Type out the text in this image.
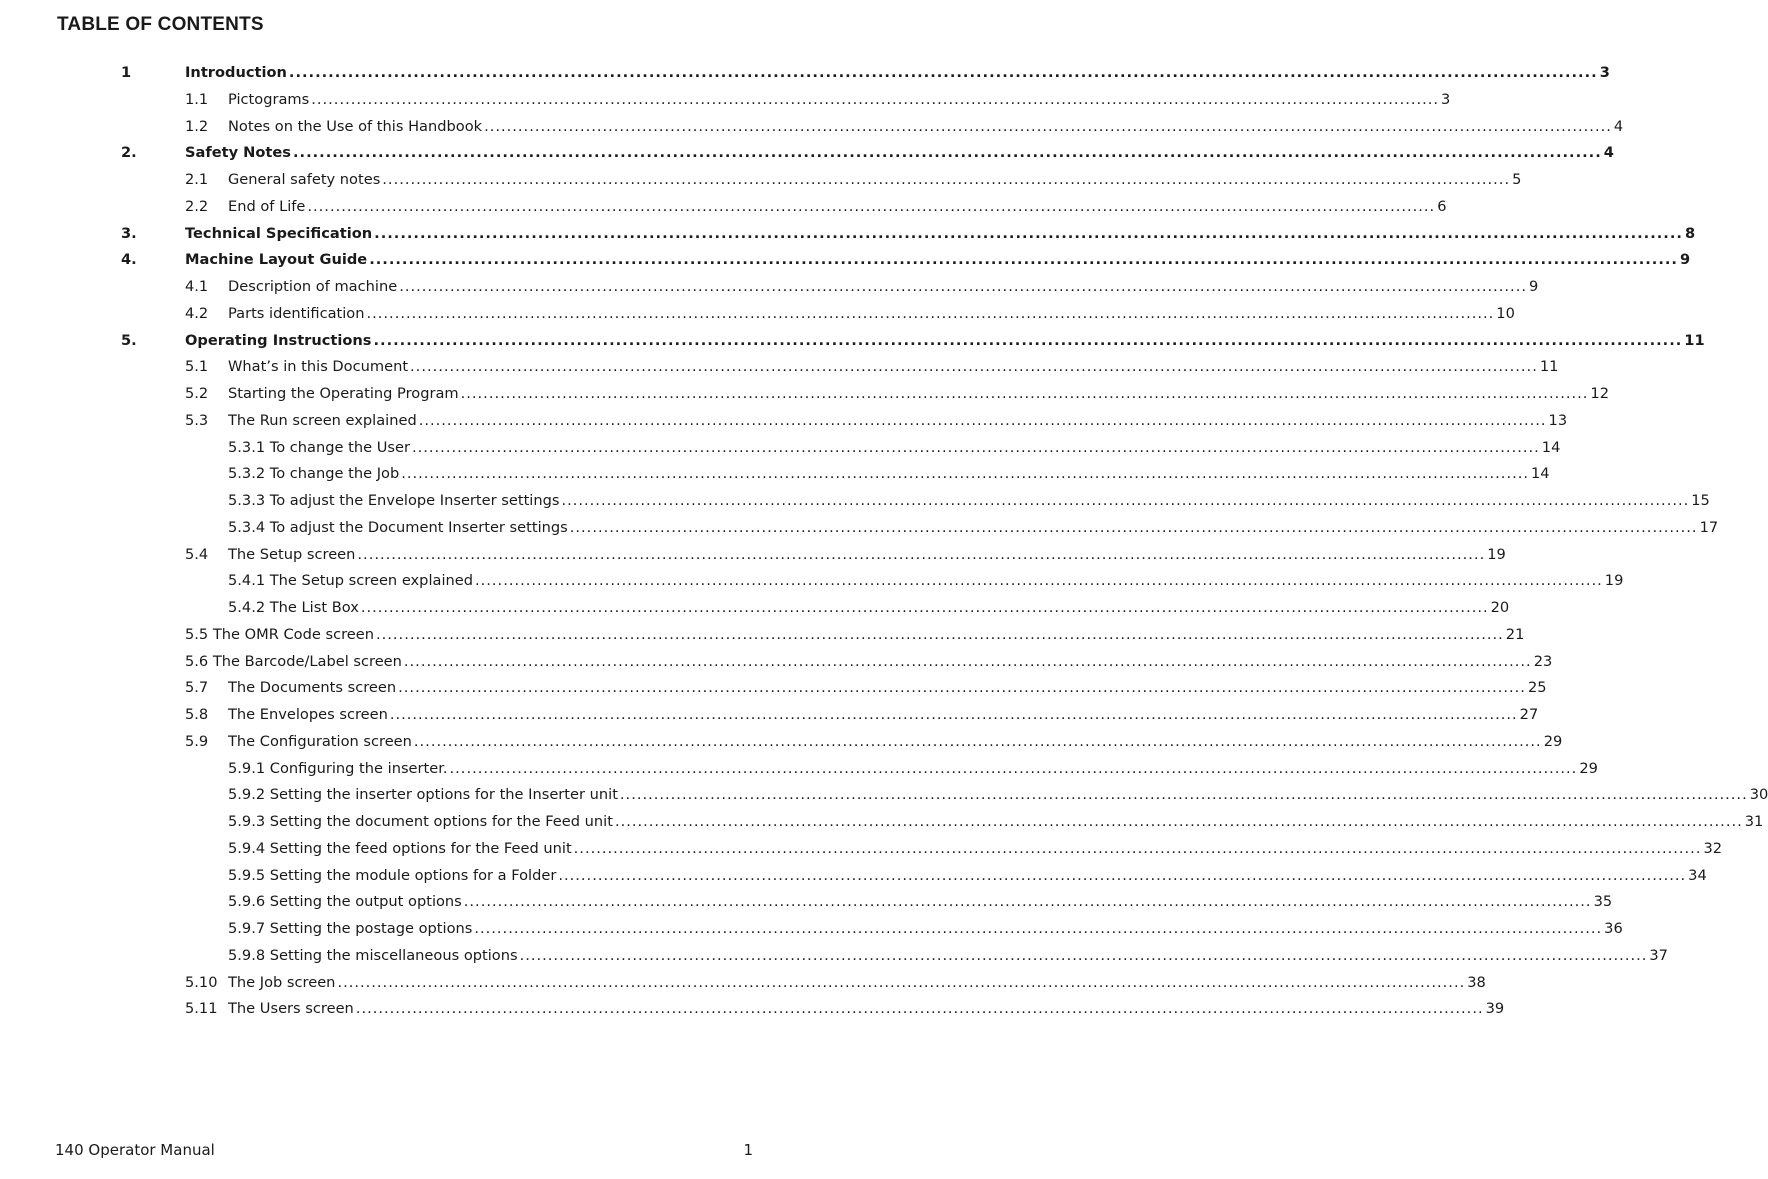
TABLE OF CONTENTS
1	Introduction ........................................................................................................................................................................................................ 3
1.1 Pictograms ........................................................................................................................................................................................................ 3
1.2 Notes on the Use of this Handbook ........................................................................................................................................................................................................ 4
2.	Safety Notes ........................................................................................................................................................................................................ 4
2.1 General safety notes ........................................................................................................................................................................................................ 5
2.2 End of Life ........................................................................................................................................................................................................ 6
3.	Technical Specification ........................................................................................................................................................................................................ 8
4.	Machine Layout Guide ........................................................................................................................................................................................................ 9
4.1 Description of machine ........................................................................................................................................................................................................ 9
4.2 Parts identification ........................................................................................................................................................................................................ 10
5.	Operating Instructions ........................................................................................................................................................................................................ 11
5.1 What’s in this Document ........................................................................................................................................................................................................ 11
5.2 Starting the Operating Program ........................................................................................................................................................................................................ 12
5.3 The Run screen explained ........................................................................................................................................................................................................ 13
5.3.1 To change the User ........................................................................................................................................................................................................ 14
5.3.2 To change the Job ........................................................................................................................................................................................................ 14
5.3.3 To adjust the Envelope Inserter settings ........................................................................................................................................................................................................ 15
5.3.4 To adjust the Document Inserter settings ........................................................................................................................................................................................................ 17
5.4 The Setup screen ........................................................................................................................................................................................................ 19
5.4.1 The Setup screen explained ........................................................................................................................................................................................................ 19
5.4.2 The List Box ........................................................................................................................................................................................................ 20
5.5 The OMR Code screen ........................................................................................................................................................................................................ 21
5.6 The Barcode/Label screen ........................................................................................................................................................................................................ 23
5.7 The Documents screen ........................................................................................................................................................................................................ 25
5.8 The Envelopes screen ........................................................................................................................................................................................................ 27
5.9 The Configuration screen ........................................................................................................................................................................................................ 29
5.9.1 Configuring the inserter. ........................................................................................................................................................................................................ 29
5.9.2 Setting the inserter options for the Inserter unit ........................................................................................................................................................................................................ 30
5.9.3 Setting the document options for the Feed unit ........................................................................................................................................................................................................ 31
5.9.4 Setting the feed options for the Feed unit ........................................................................................................................................................................................................ 32
5.9.5 Setting the module options for a Folder ........................................................................................................................................................................................................ 34
5.9.6 Setting the output options ........................................................................................................................................................................................................ 35
5.9.7 Setting the postage options ........................................................................................................................................................................................................ 36
5.9.8 Setting the miscellaneous options ........................................................................................................................................................................................................ 37
5.10 The Job screen ........................................................................................................................................................................................................ 38
5.11 The Users screen ........................................................................................................................................................................................................ 39
140 Operator Manual	1
